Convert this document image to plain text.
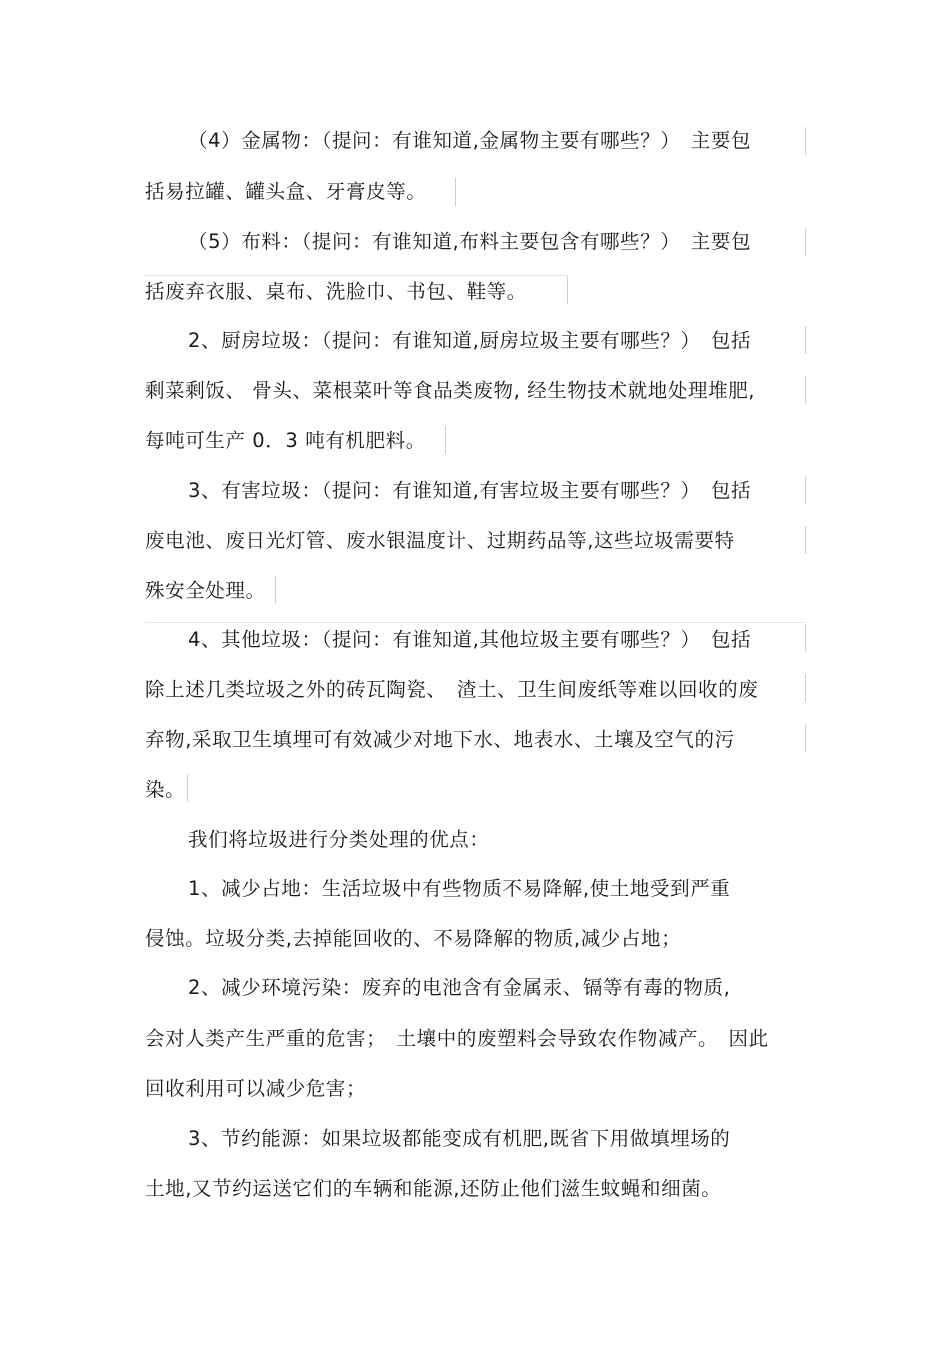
（4）金属物：（提问：有谁知道,金属物主要有哪些？）　主要包
括易拉罐、罐头盒、牙膏皮等。
（5）布料：（提问：有谁知道,布料主要包含有哪些？）　主要包
括废弃衣服、桌布、洗脸巾、书包、鞋等。
2、厨房垃圾：（提问：有谁知道,厨房垃圾主要有哪些？）　包括
剩菜剩饭、 骨头、菜根菜叶等食品类废物, 经生物技术就地处理堆肥,
每吨可生产 0．3 吨有机肥料。
3、有害垃圾：（提问：有谁知道,有害垃圾主要有哪些？）　包括
废电池、废日光灯管、废水银温度计、过期药品等,这些垃圾需要特
殊安全处理。
4、其他垃圾：（提问：有谁知道,其他垃圾主要有哪些？）　包括
除上述几类垃圾之外的砖瓦陶瓷、　渣土、卫生间废纸等难以回收的废
弃物,采取卫生填埋可有效减少对地下水、地表水、土壤及空气的污
染。
我们将垃圾进行分类处理的优点：
1、减少占地：生活垃圾中有些物质不易降解,使土地受到严重
侵蚀。垃圾分类,去掉能回收的、不易降解的物质,减少占地；
2、减少环境污染：废弃的电池含有金属汞、镉等有毒的物质,
会对人类产生严重的危害；　土壤中的废塑料会导致农作物减产。　因此
回收利用可以减少危害；
3、节约能源：如果垃圾都能变成有机肥,既省下用做填埋场的
土地,又节约运送它们的车辆和能源,还防止他们滋生蚊蝇和细菌。
